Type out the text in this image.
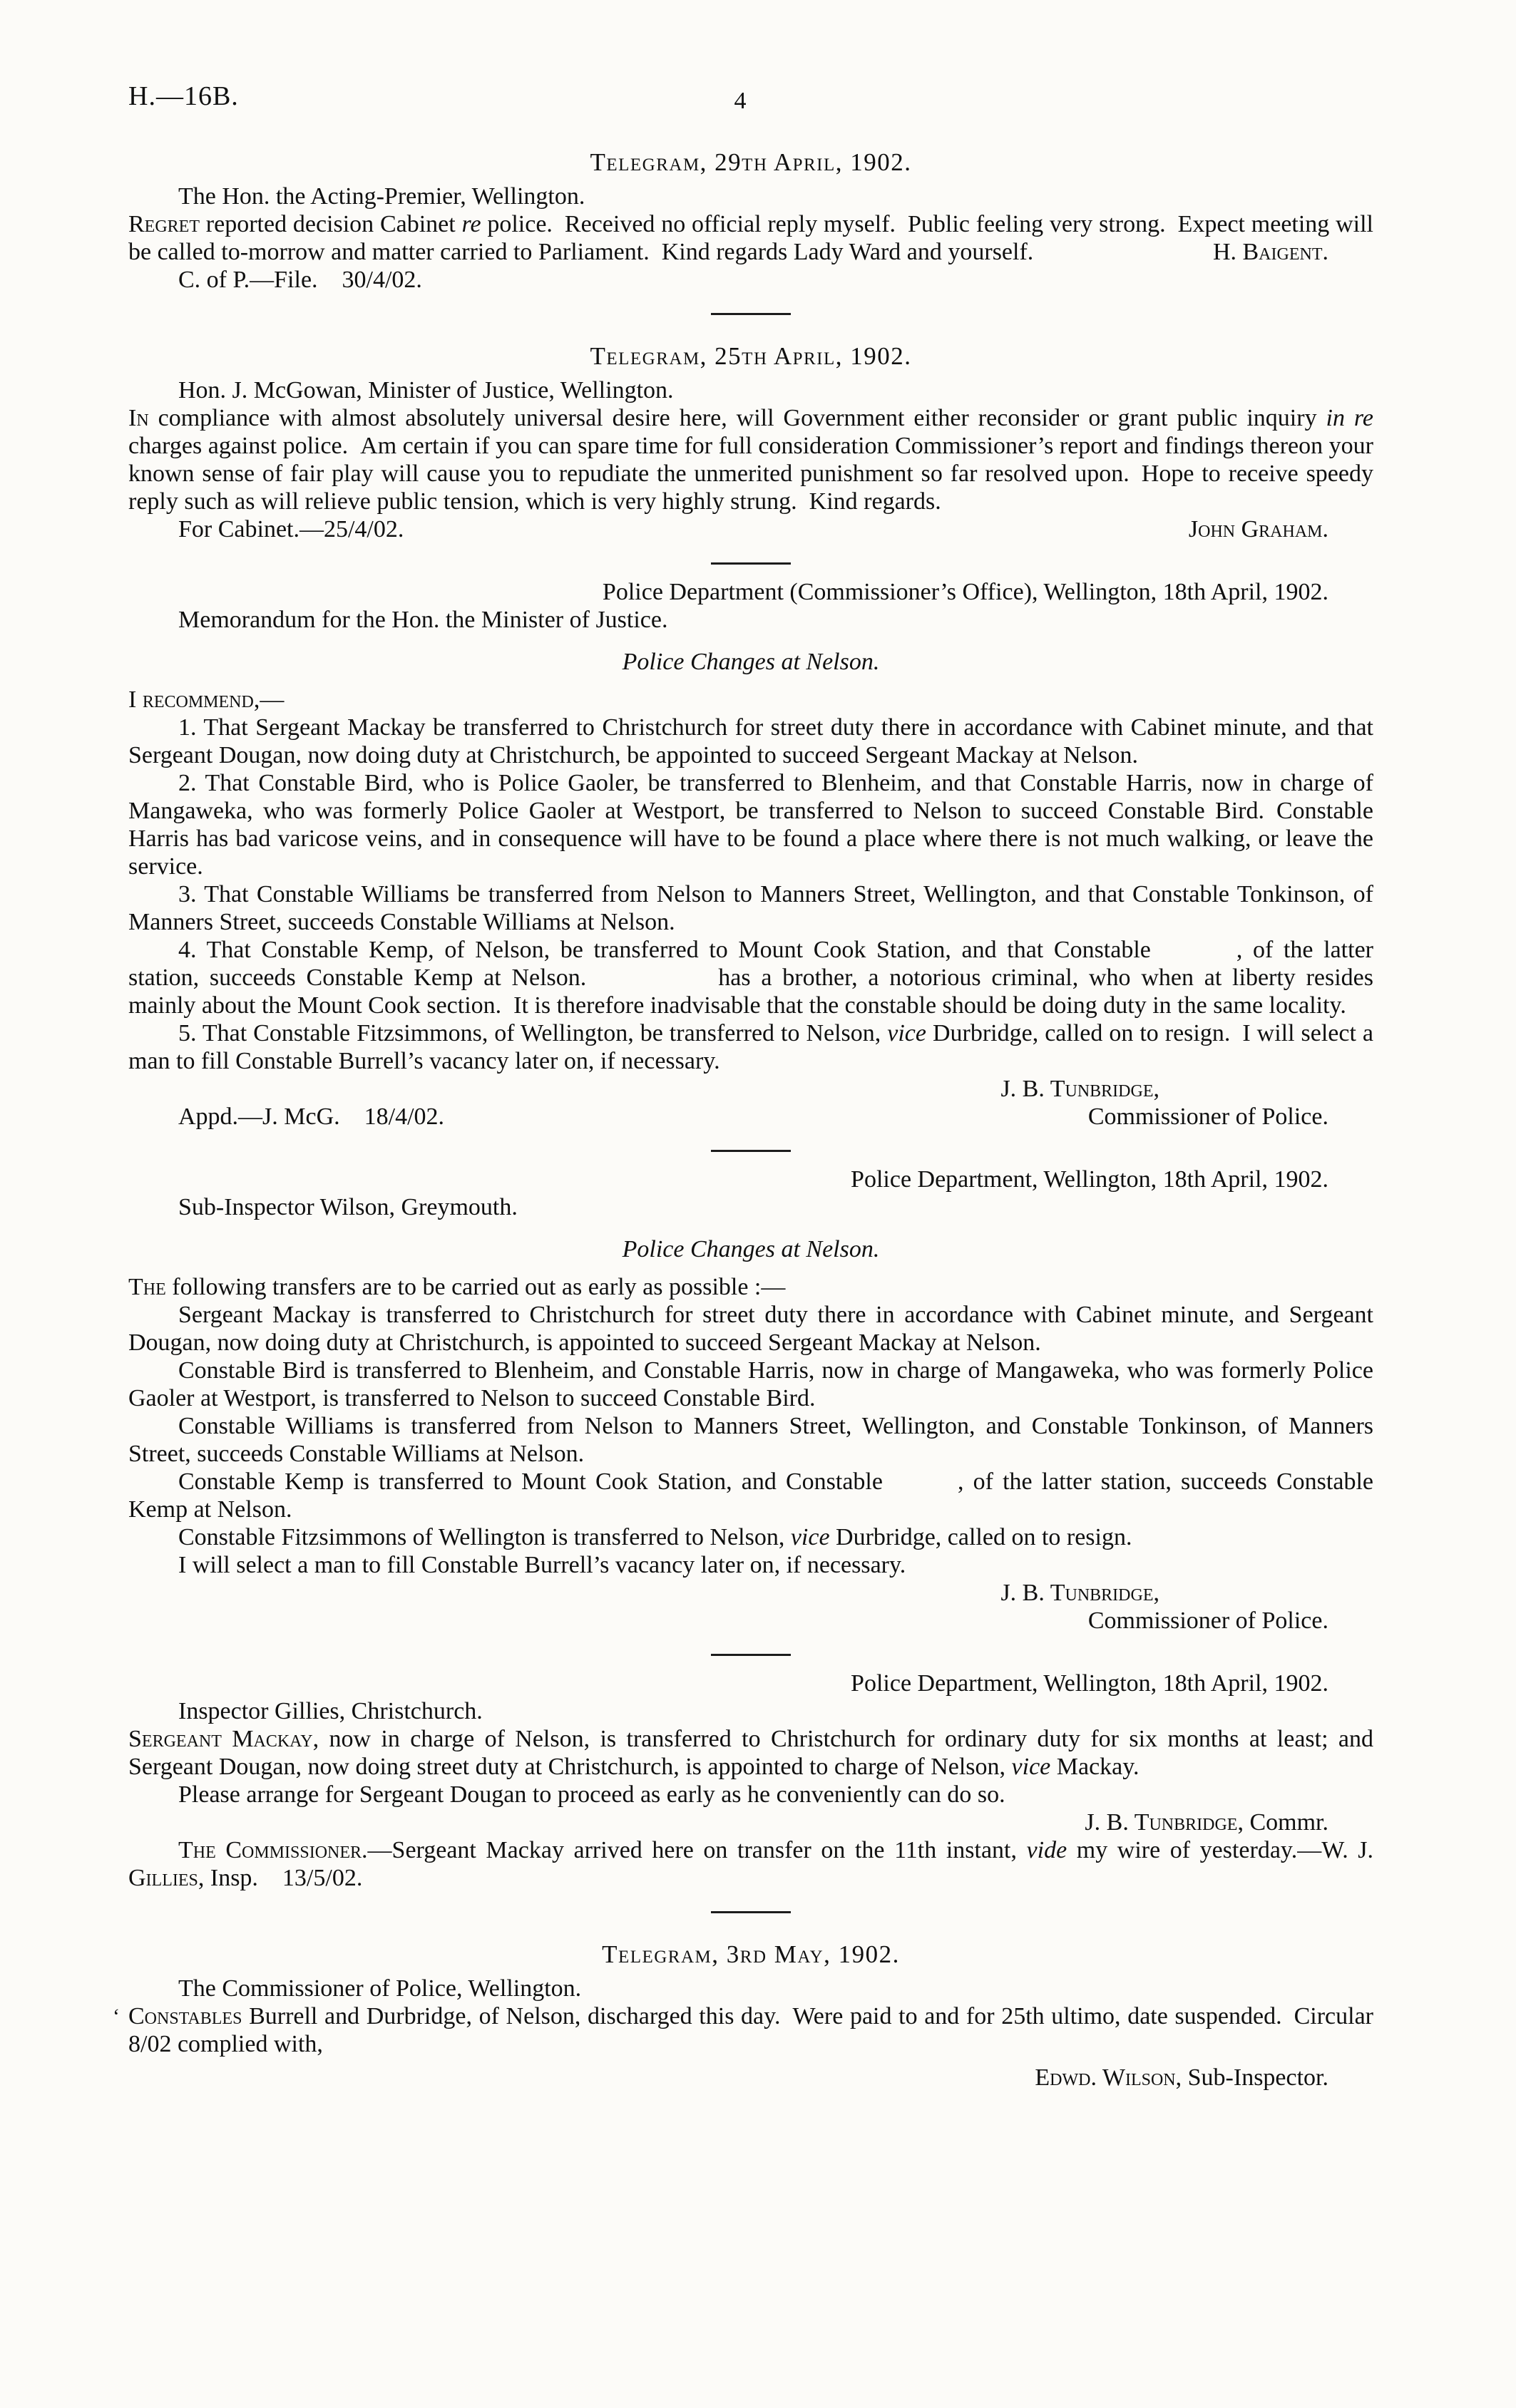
H.—16B.	4
Telegram, 29th April, 1902.

The Hon. the Acting-Premier, Wellington.

Regret reported decision Cabinet re police. Received no official reply myself. Public feeling very strong. Expect meeting will be called to-morrow and matter carried to Parliament. Kind regards Lady Ward and yourself.	H. Baigent.

C. of P.—File.  30/4/02.

Telegram, 25th April, 1902.

Hon. J. McGowan, Minister of Justice, Wellington.

In compliance with almost absolutely universal desire here, will Government either reconsider or grant public inquiry in re charges against police. Am certain if you can spare time for full consideration Commissioner’s report and findings thereon your known sense of fair play will cause you to repudiate the unmerited punishment so far resolved upon. Hope to receive speedy reply such as will relieve public tension, which is very highly strung. Kind regards.

For Cabinet.—25/4/02.	John Graham.

Police Department (Commissioner’s Office), Wellington, 18th April, 1902.

Memorandum for the Hon. the Minister of Justice.

Police Changes at Nelson.

I recommend,—

1. That Sergeant Mackay be transferred to Christchurch for street duty there in accordance with Cabinet minute, and that Sergeant Dougan, now doing duty at Christchurch, be appointed to succeed Sergeant Mackay at Nelson.

2. That Constable Bird, who is Police Gaoler, be transferred to Blenheim, and that Constable Harris, now in charge of Mangaweka, who was formerly Police Gaoler at Westport, be transferred to Nelson to succeed Constable Bird. Constable Harris has bad varicose veins, and in consequence will have to be found a place where there is not much walking, or leave the service.

3. That Constable Williams be transferred from Nelson to Manners Street, Wellington, and that Constable Tonkinson, of Manners Street, succeeds Constable Williams at Nelson.

4. That Constable Kemp, of Nelson, be transferred to Mount Cook Station, and that Constable	, of the latter station, succeeds Constable Kemp at Nelson.	has a brother, a notorious criminal, who when at liberty resides mainly about the Mount Cook section. It is therefore inadvisable that the constable should be doing duty in the same locality.

5. That Constable Fitzsimmons, of Wellington, be transferred to Nelson, vice Durbridge, called on to resign. I will select a man to fill Constable Burrell’s vacancy later on, if necessary.

J. B. Tunbridge,

Appd.—J. McG.  18/4/02.	Commissioner of Police.

Police Department, Wellington, 18th April, 1902.

Sub-Inspector Wilson, Greymouth.

Police Changes at Nelson.

The following transfers are to be carried out as early as possible :—

Sergeant Mackay is transferred to Christchurch for street duty there in accordance with Cabinet minute, and Sergeant Dougan, now doing duty at Christchurch, is appointed to succeed Sergeant Mackay at Nelson.

Constable Bird is transferred to Blenheim, and Constable Harris, now in charge of Mangaweka, who was formerly Police Gaoler at Westport, is transferred to Nelson to succeed Constable Bird.

Constable Williams is transferred from Nelson to Manners Street, Wellington, and Constable Tonkinson, of Manners Street, succeeds Constable Williams at Nelson.

Constable Kemp is transferred to Mount Cook Station, and Constable	, of the latter station, succeeds Constable Kemp at Nelson.

Constable Fitzsimmons of Wellington is transferred to Nelson, vice Durbridge, called on to resign.

I will select a man to fill Constable Burrell’s vacancy later on, if necessary.

J. B. Tunbridge,

Commissioner of Police.

Police Department, Wellington, 18th April, 1902.

Inspector Gillies, Christchurch.

Sergeant Mackay, now in charge of Nelson, is transferred to Christchurch for ordinary duty for six months at least; and Sergeant Dougan, now doing street duty at Christchurch, is appointed to charge of Nelson, vice Mackay.

Please arrange for Sergeant Dougan to proceed as early as he conveniently can do so.

J. B. Tunbridge, Commr.

The Commissioner.—Sergeant Mackay arrived here on transfer on the 11th instant, vide my wire of yesterday.—W. J. Gillies, Insp.  13/5/02.

Telegram, 3rd May, 1902.

The Commissioner of Police, Wellington.

‘ Constables Burrell and Durbridge, of Nelson, discharged this day. Were paid to and for 25th ultimo, date suspended. Circular 8/02 complied with,

Edwd. Wilson, Sub-Inspector.
